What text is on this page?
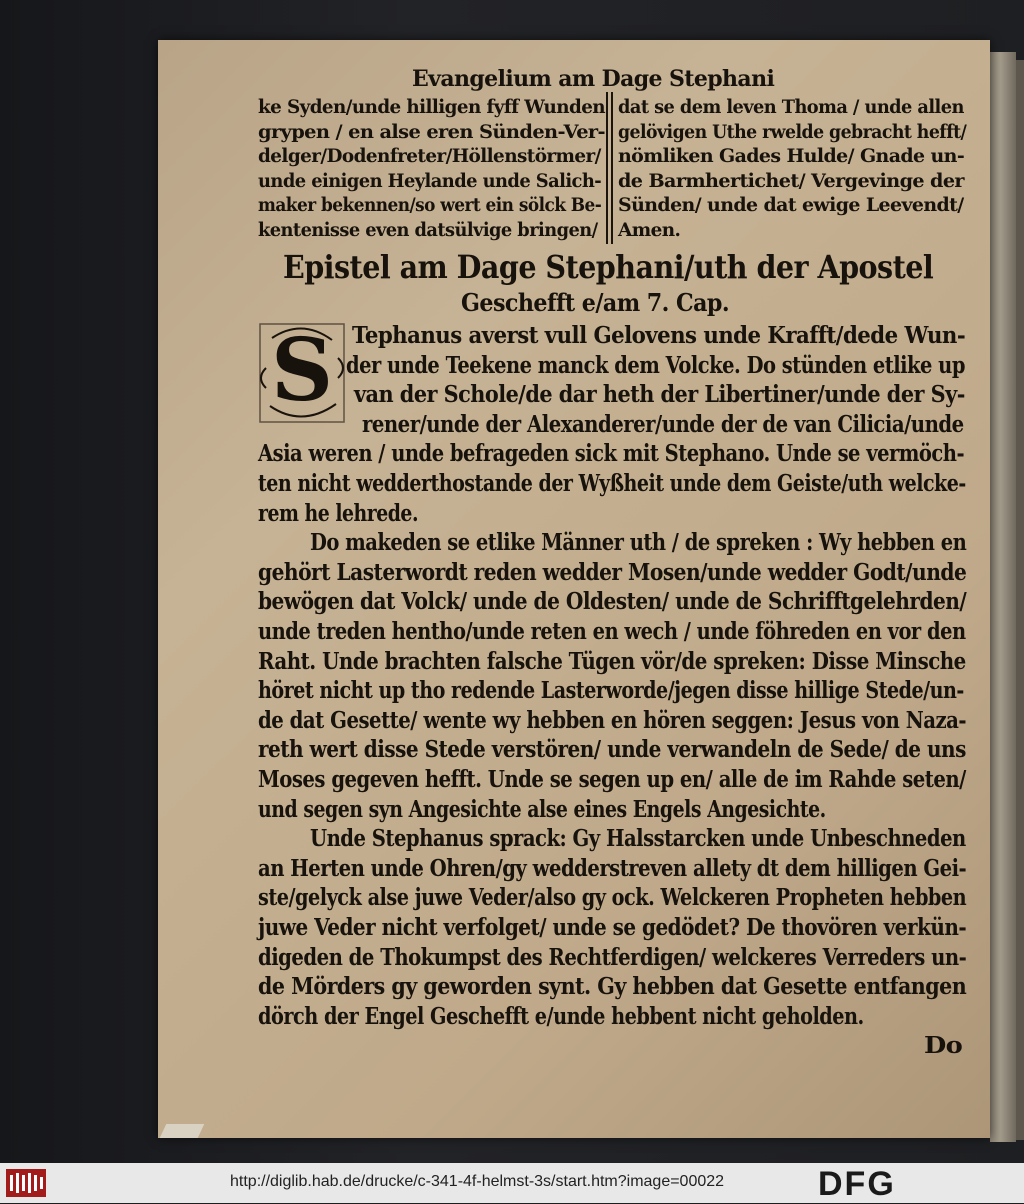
Evangelium am Dage Stephani
ke Syden/unde hilligen fyff Wunden
grypen / en alse eren Sünden-Ver-
delger/Dodenfreter/Höllenstörmer/
unde einigen Heylande unde Salich-
maker bekennen/so wert ein sölck Be-
kentenisse even datsülvige bringen/
dat se dem leven Thoma / unde allen
gelövigen Uthe rwelde gebracht hefft/
nömliken Gades Hulde/ Gnade un-
de Barmhertichet/ Vergevinge der
Sünden/ unde dat ewige Leevendt/
Amen.
Epistel am Dage Stephani/uth der Apostel
Geschefft e/am 7. Cap.
S Tephanus averst vull Gelovens unde Krafft/dede Wun-
der unde Teekene manck dem Volcke. Do stünden etlike up
van der Schole/de dar heth der Libertiner/unde der Sy-
rener/unde der Alexanderer/unde der de van Cilicia/unde
Asia weren / unde befrageden sick mit Stephano. Unde se vermöch-
ten nicht wedderthostande der Wyßheit unde dem Geiste/uth welcke-
rem he lehrede.
Do makeden se etlike Männer uth / de spreken : Wy hebben en
gehört Lasterwordt reden wedder Mosen/unde wedder Godt/unde
bewögen dat Volck/ unde de Oldesten/ unde de Schrifftgelehrden/
unde treden hentho/unde reten en wech / unde föhreden en vor den
Raht. Unde brachten falsche Tügen vör/de spreken: Disse Minsche
höret nicht up tho redende Lasterworde/jegen disse hillige Stede/un-
de dat Gesette/ wente wy hebben en hören seggen: Jesus von Naza-
reth wert disse Stede verstören/ unde verwandeln de Sede/ de uns
Moses gegeven hefft. Unde se segen up en/ alle de im Rahde seten/
und segen syn Angesichte alse eines Engels Angesichte.
Unde Stephanus sprack: Gy Halsstarcken unde Unbeschneden
an Herten unde Ohren/gy wedderstreven allety dt dem hilligen Gei-
ste/gelyck alse juwe Veder/also gy ock. Welckeren Propheten hebben
juwe Veder nicht verfolget/ unde se gedödet? De thovören verkün-
digeden de Thokumpst des Rechtferdigen/ welckeres Verreders un-
de Mörders gy geworden synt. Gy hebben dat Gesette entfangen
dörch der Engel Geschefft e/unde hebbent nicht geholden.
Do
http://diglib.hab.de/drucke/c-341-4f-helmst-3s/start.htm?image=00022	DFG
